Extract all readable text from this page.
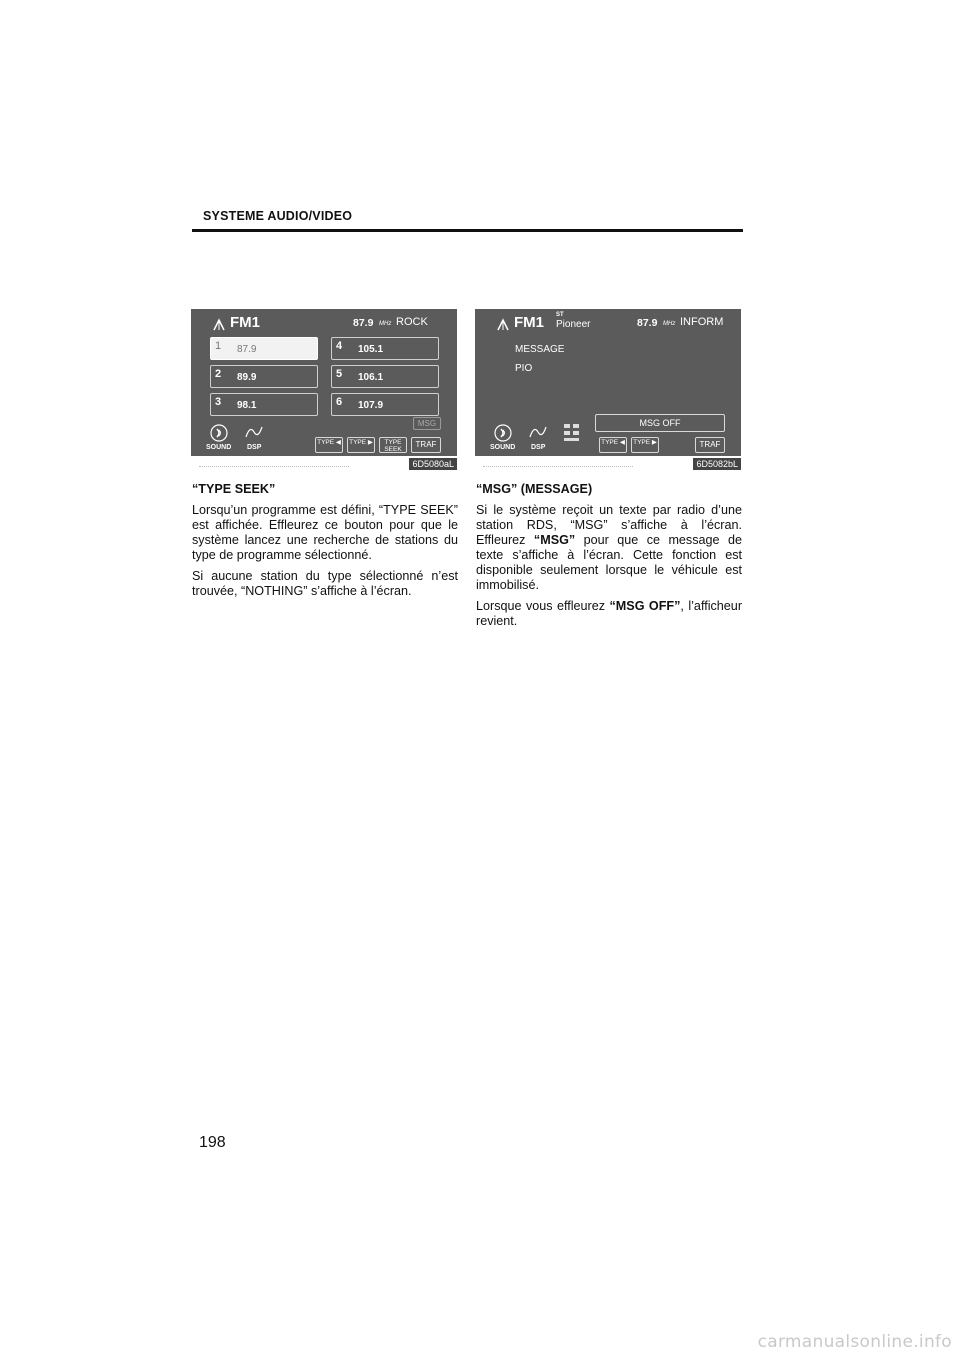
SYSTEME AUDIO/VIDEO
FM1	87.9 MHz ROCK
1 87.9
2 89.9
3 98.1
4 105.1
5 106.1
6 107.9
MSG
SOUND DSP
TYPE ◀	TYPE ▶	TYPE SEEK
TRAF
6D5080aL
FM1 ST
Pioneer	87.9 MHz INFORM
MESSAGE
PIO
MSG OFF
SOUND DSP
TYPE ◀	TYPE ▶	TRAF
6D5082bL
“TYPE SEEK”

Lorsqu’un programme est défini, “TYPE SEEK” est affichée. Effleurez ce bouton pour que le système lancez une recherche de stations du type de programme sélectionné.

Si aucune station du type sélectionné n’est trouvée, “NOTHING” s’affiche à l’écran.

“MSG” (MESSAGE)

Si le système reçoit un texte par radio d’une station RDS, “MSG” s’affiche à l’écran. Effleurez “MSG” pour que ce message de texte s’affiche à l’écran. Cette fonction est disponible seulement lorsque le véhicule est immobilisé.

Lorsque vous effleurez “MSG OFF”, l’afficheur revient.

198
carmanualsonline.info
